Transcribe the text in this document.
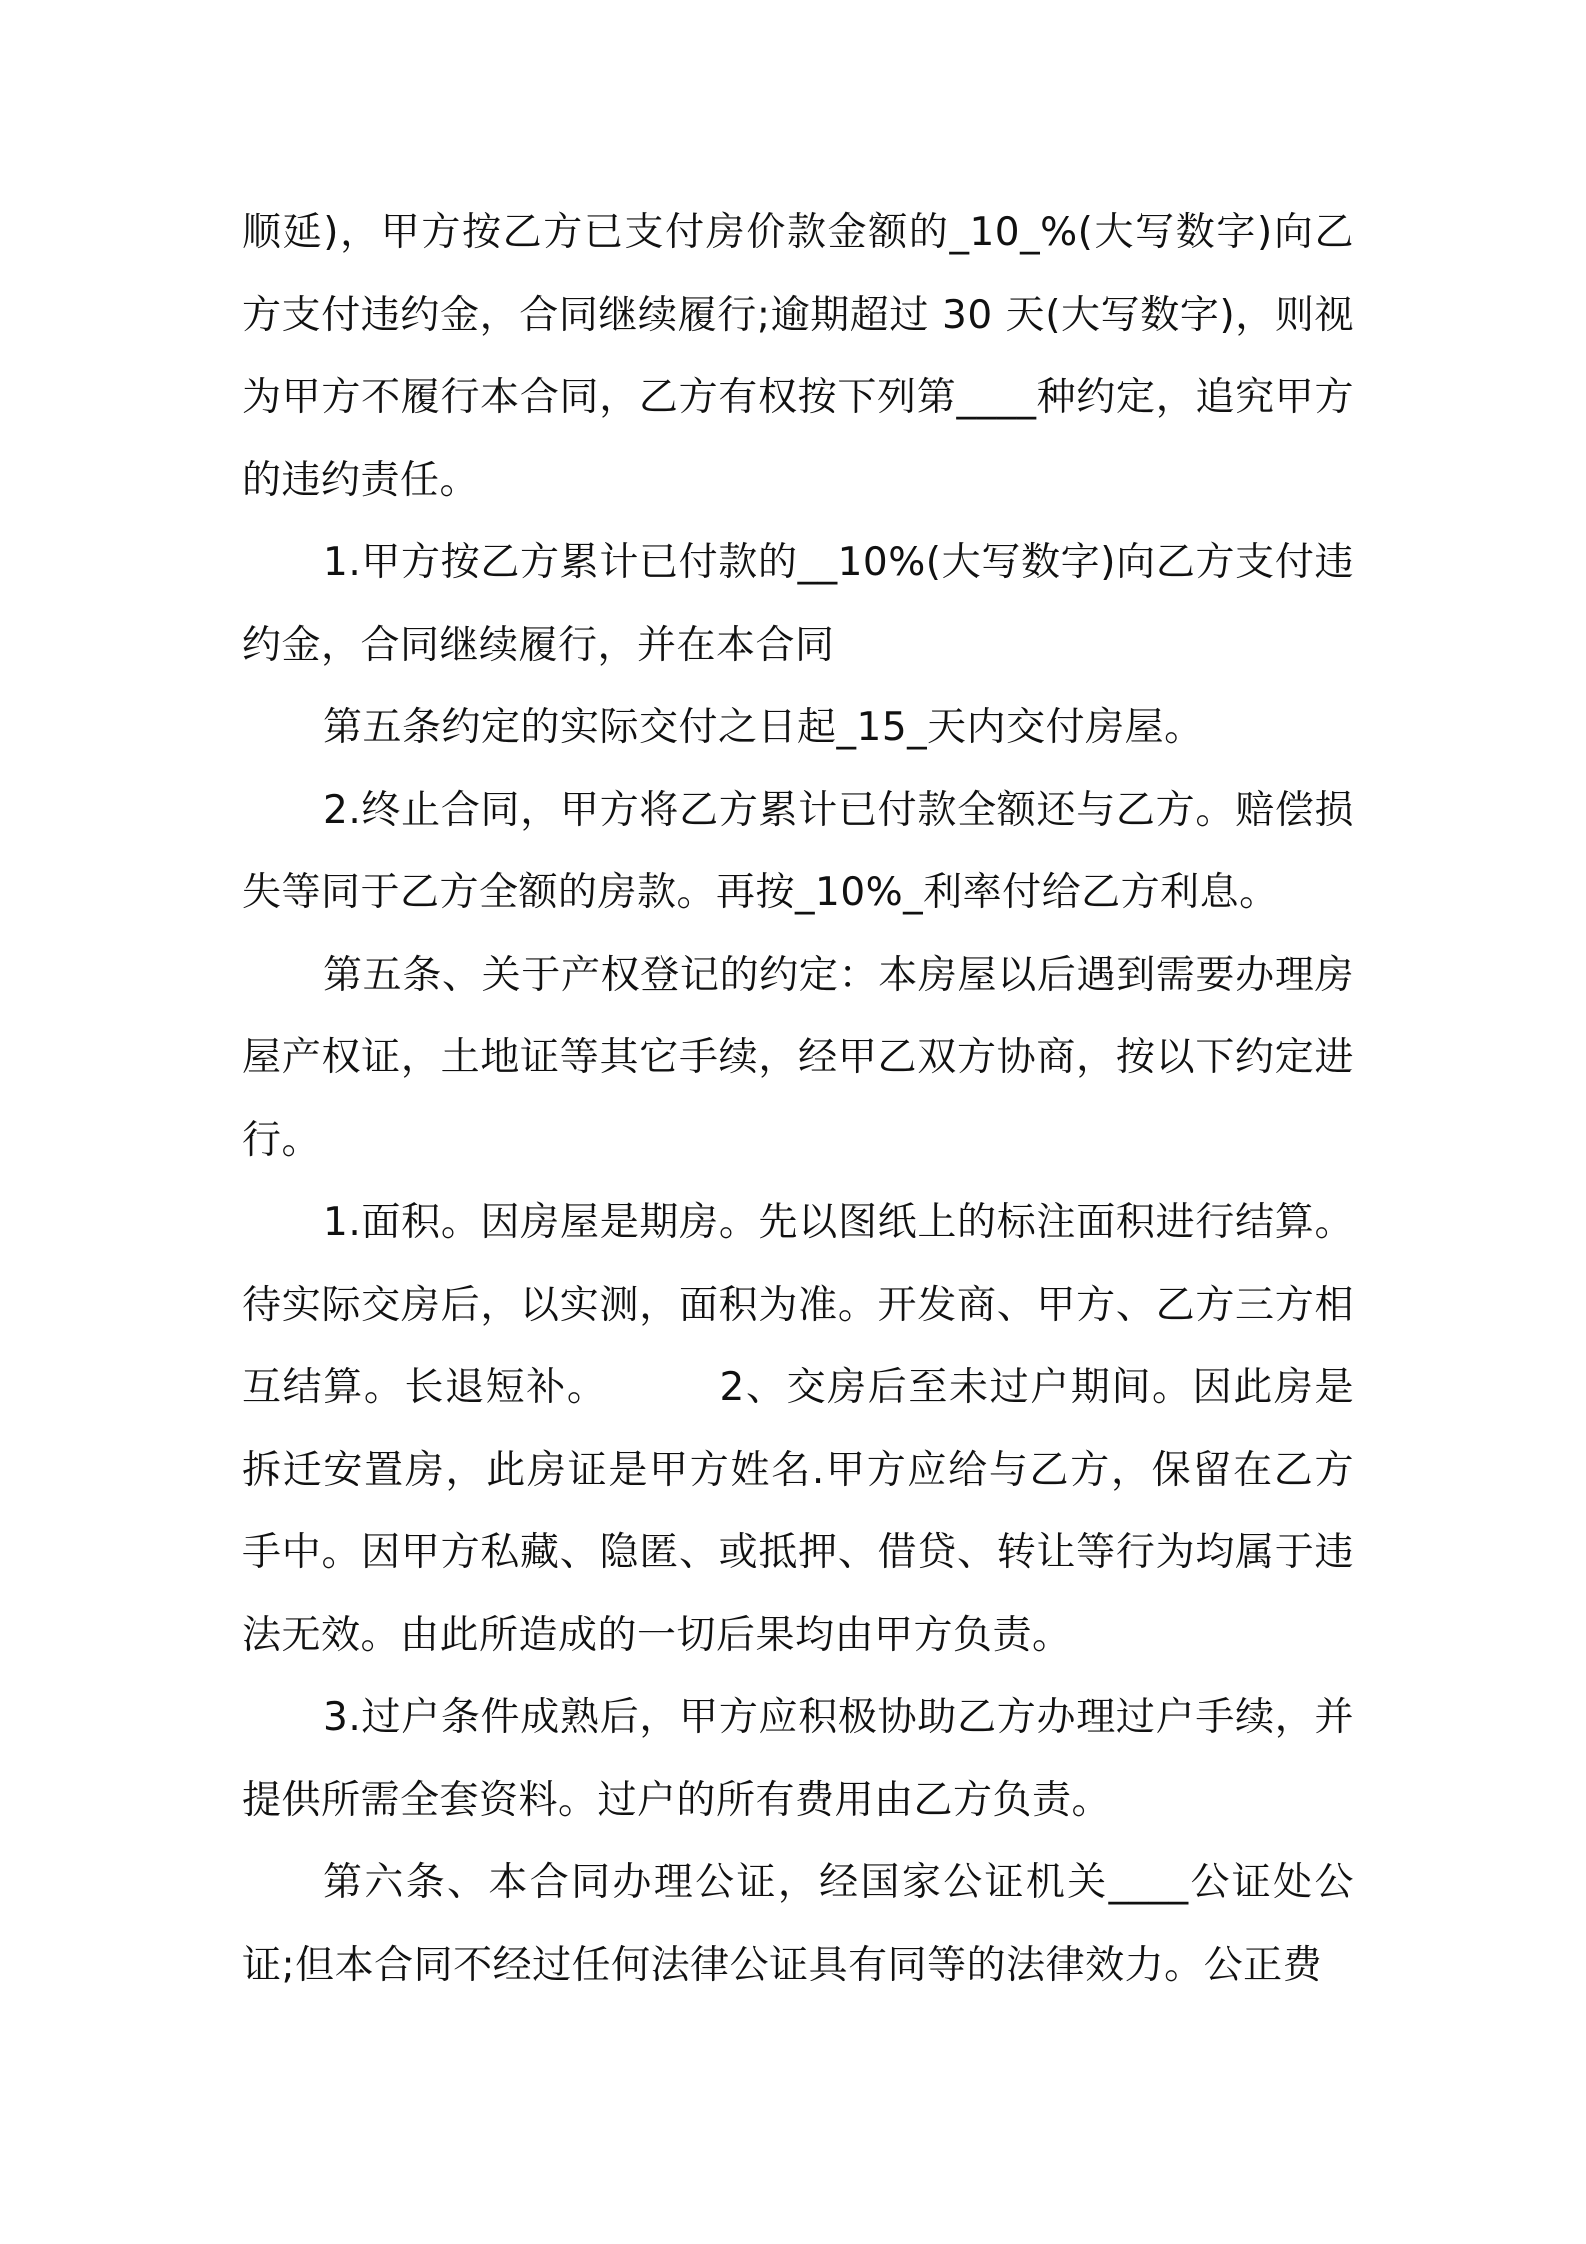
顺延)，甲方按乙方已支付房价款金额的_10_%(大写数字)向乙方支付违约金，合同继续履行;逾期超过 30 天(大写数字)，则视为甲方不履行本合同，乙方有权按下列第____种约定，追究甲方的违约责任。
1.甲方按乙方累计已付款的__10%(大写数字)向乙方支付违约金，合同继续履行，并在本合同
第五条约定的实际交付之日起_15_天内交付房屋。
2.终止合同，甲方将乙方累计已付款全额还与乙方。赔偿损失等同于乙方全额的房款。再按_10%_利率付给乙方利息。
第五条、关于产权登记的约定：本房屋以后遇到需要办理房屋产权证，土地证等其它手续，经甲乙双方协商，按以下约定进行。
1.面积。因房屋是期房。先以图纸上的标注面积进行结算。待实际交房后，以实测，面积为准。开发商、甲方、乙方三方相互结算。长退短补。        2、交房后至未过户期间。因此房是拆迁安置房，此房证是甲方姓名.甲方应给与乙方，保留在乙方手中。因甲方私藏、隐匿、或抵押、借贷、转让等行为均属于违法无效。由此所造成的一切后果均由甲方负责。
3.过户条件成熟后，甲方应积极协助乙方办理过户手续，并提供所需全套资料。过户的所有费用由乙方负责。
第六条、本合同办理公证，经国家公证机关____公证处公证;但本合同不经过任何法律公证具有同等的法律效力。公正费
